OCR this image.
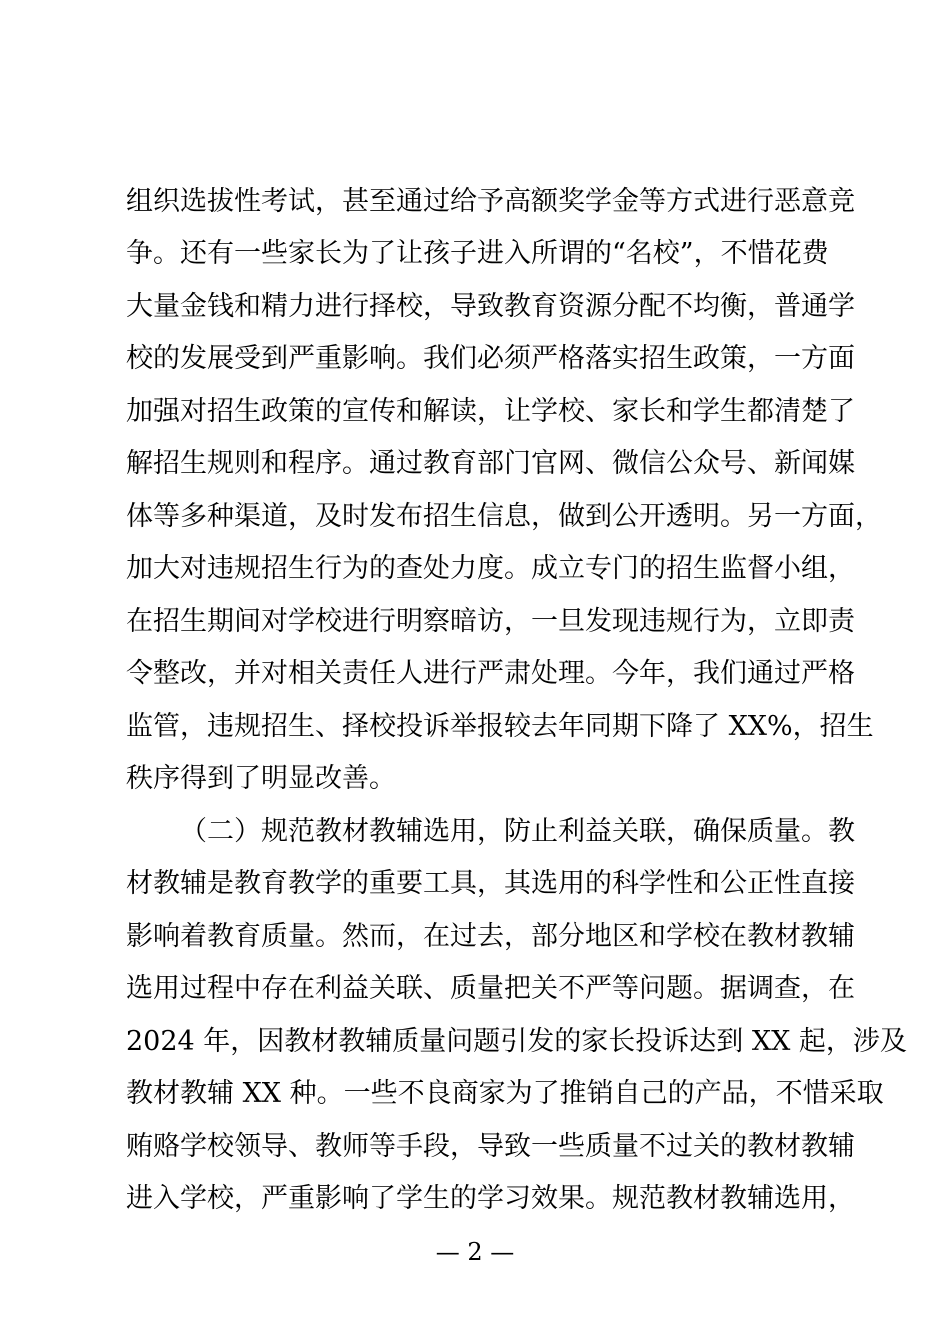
组织选拔性考试，甚至通过给予高额奖学金等方式进行恶意竞
争。还有一些家长为了让孩子进入所谓的“名校”，不惜花费
大量金钱和精力进行择校，导致教育资源分配不均衡，普通学
校的发展受到严重影响。我们必须严格落实招生政策，一方面
加强对招生政策的宣传和解读，让学校、家长和学生都清楚了
解招生规则和程序。通过教育部门官网、微信公众号、新闻媒
体等多种渠道，及时发布招生信息，做到公开透明。另一方面，
加大对违规招生行为的查处力度。成立专门的招生监督小组，
在招生期间对学校进行明察暗访，一旦发现违规行为，立即责
令整改，并对相关责任人进行严肃处理。今年，我们通过严格
监管，违规招生、择校投诉举报较去年同期下降了 XX%，招生
秩序得到了明显改善。
（二）规范教材教辅选用，防止利益关联，确保质量。教
材教辅是教育教学的重要工具，其选用的科学性和公正性直接
影响着教育质量。然而，在过去，部分地区和学校在教材教辅
选用过程中存在利益关联、质量把关不严等问题。据调查，在
2024 年，因教材教辅质量问题引发的家长投诉达到 XX 起，涉及
教材教辅 XX 种。一些不良商家为了推销自己的产品，不惜采取
贿赂学校领导、教师等手段，导致一些质量不过关的教材教辅
进入学校，严重影响了学生的学习效果。规范教材教辅选用，
— 2 —
